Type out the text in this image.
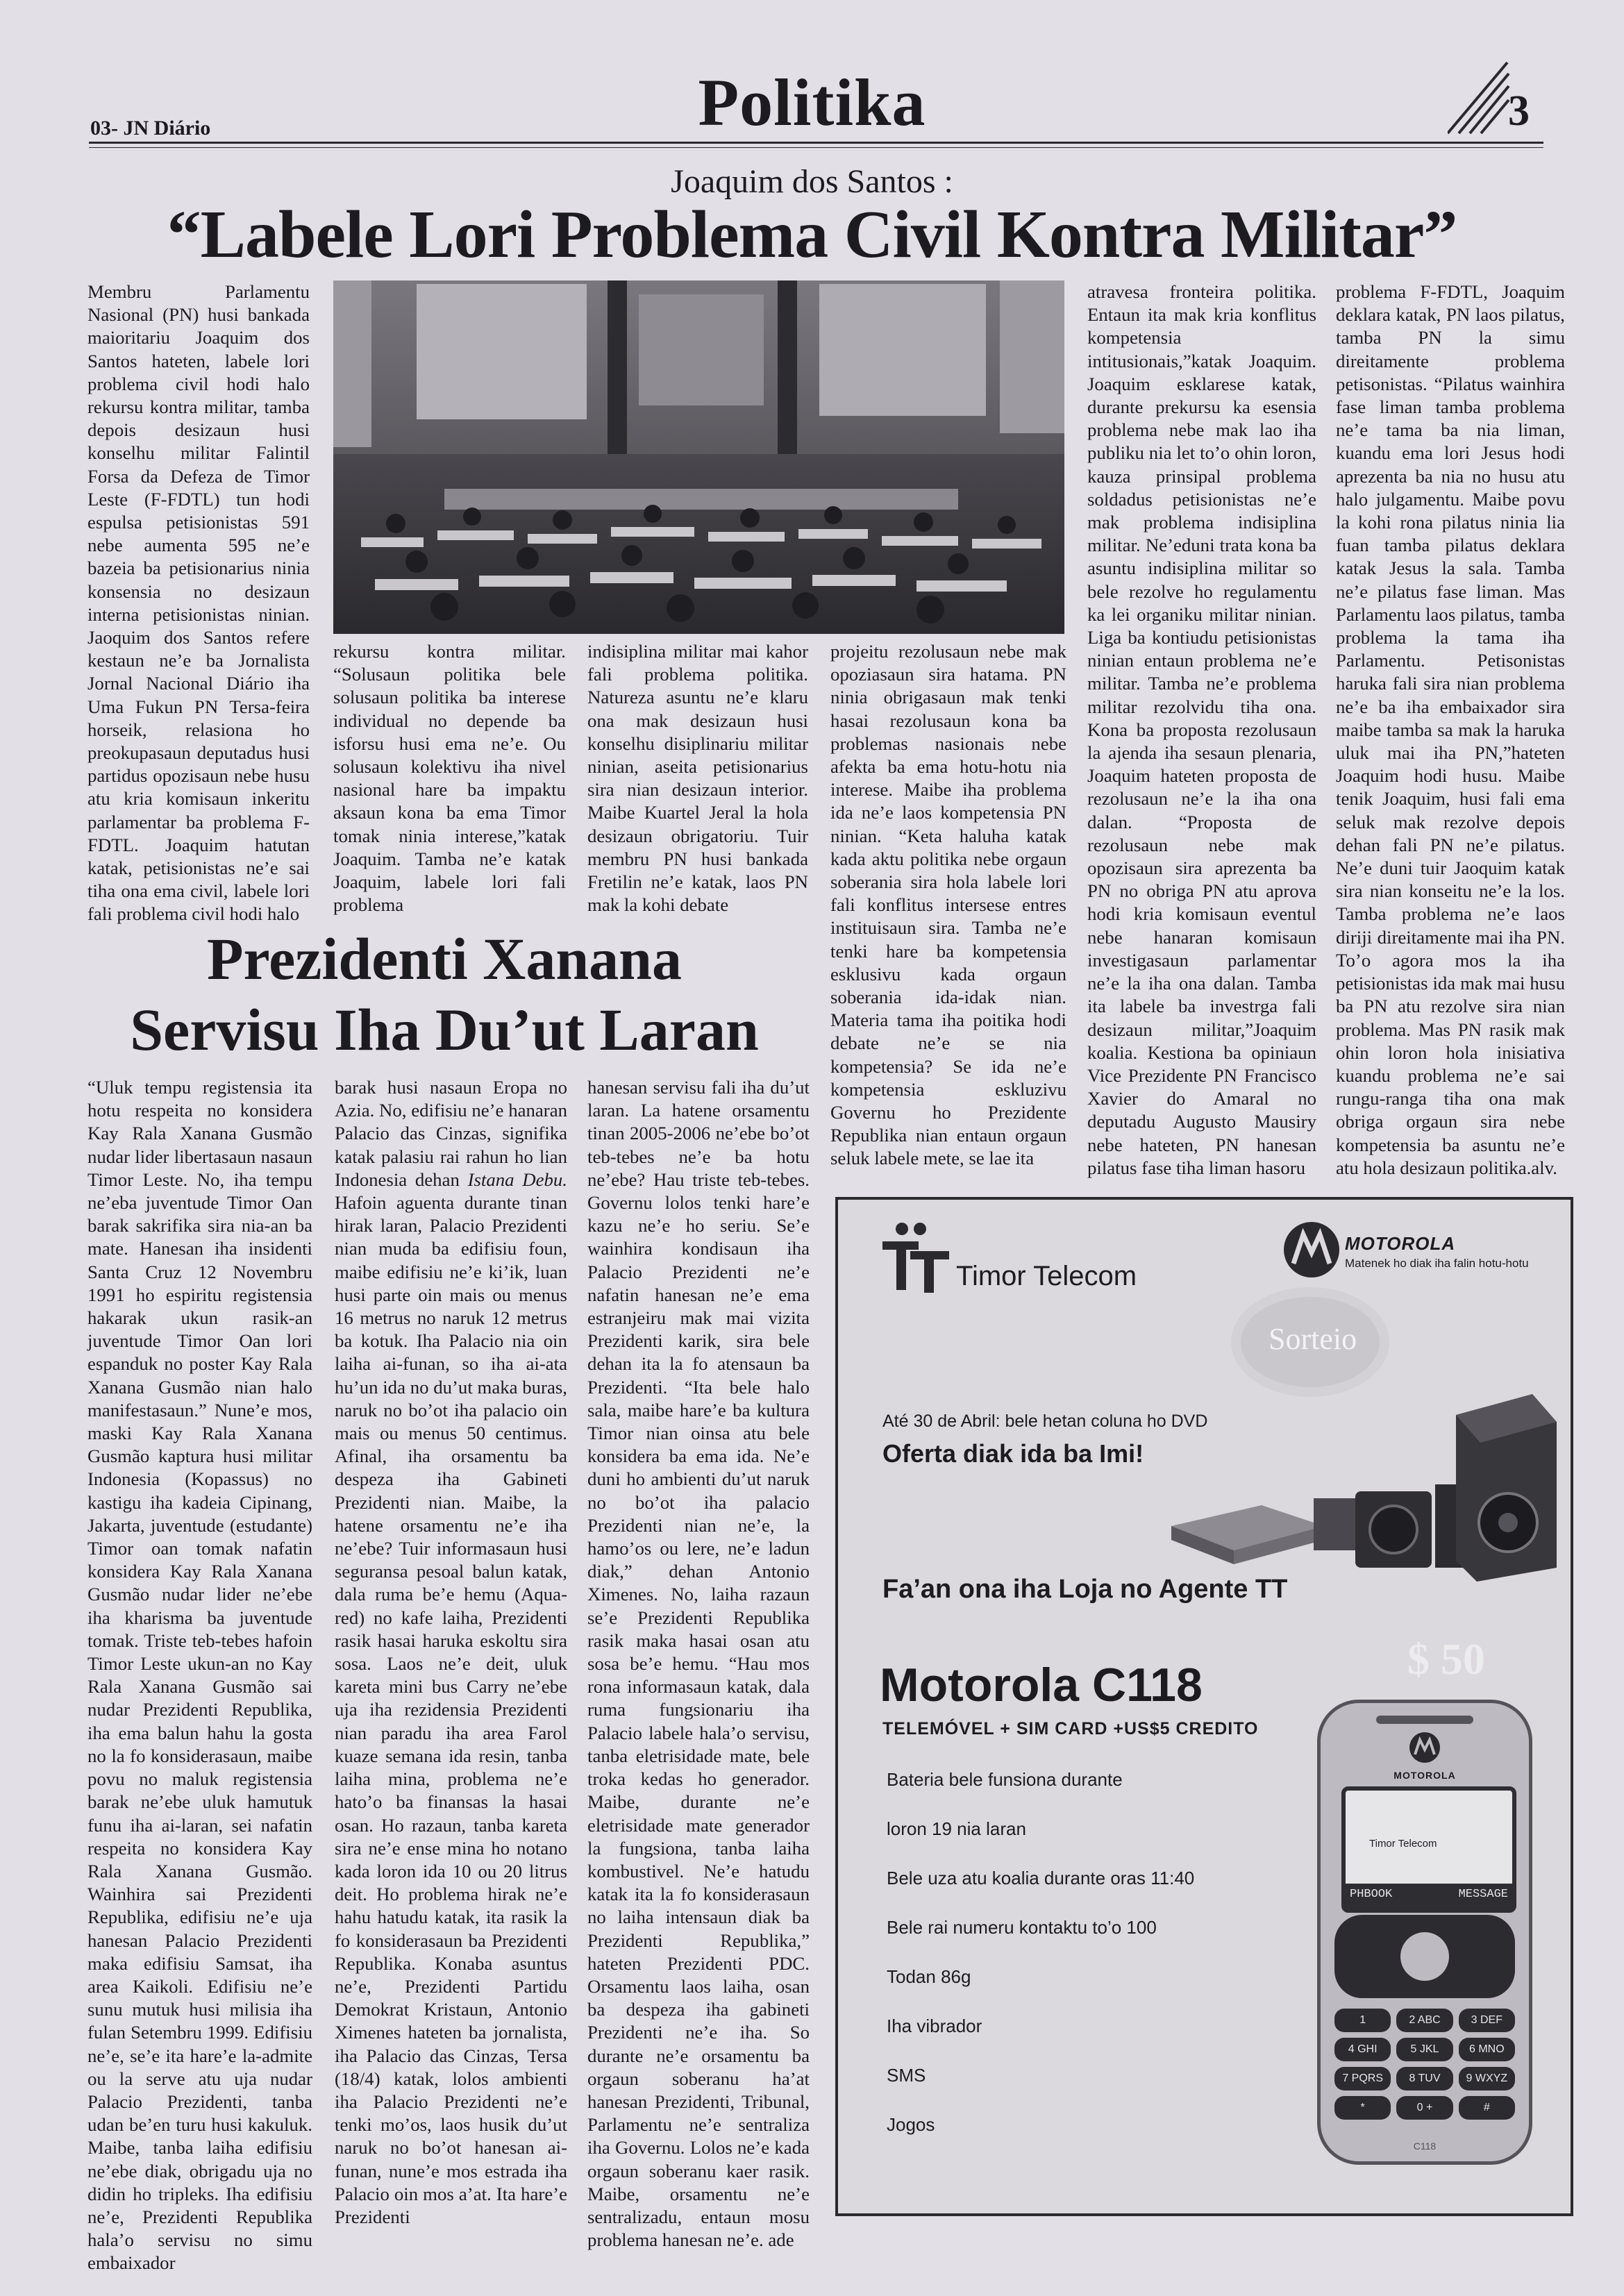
03- JN Diário	Politika	3
Joaquim dos Santos :
“Labele Lori Problema Civil Kontra Militar”

Membru Parlamentu Nasional (PN) husi bankada maioritariu Joaquim dos Santos hateten, labele lori problema civil hodi halo rekursu kontra militar, tamba depois desizaun husi konselhu militar Falintil Forsa da Defeza de Timor Leste (F-FDTL) tun hodi espulsa petisionistas 591 nebe aumenta 595 ne’e bazeia ba petisionarius ninia konsensia no desizaun interna petisionistas ninian. Jaoquim dos Santos refere kestaun ne’e ba Jornalista Jornal Nacional Diário iha Uma Fukun PN Tersa-feira horseik, relasiona ho preokupasaun deputadus husi partidus opozisaun nebe husu atu kria komisaun inkeritu parlamentar ba problema F-FDTL. Joaquim hatutan katak, petisionistas ne’e sai tiha ona ema civil, labele lori fali problema civil hodi halo

rekursu kontra militar. “Solusaun politika bele solusaun politika ba interese individual no depende ba isforsu husi ema ne’e. Ou solusaun kolektivu iha nivel nasional hare ba impaktu aksaun kona ba ema Timor tomak ninia interese,”katak Joaquim. Tamba ne’e katak Joaquim, labele lori fali problema

indisiplina militar mai kahor fali problema politika. Natureza asuntu ne’e klaru ona mak desizaun husi konselhu disiplinariu militar ninian, aseita petisionarius sira nian desizaun interior. Maibe Kuartel Jeral la hola desizaun obrigatoriu. Tuir membru PN husi bankada Fretilin ne’e katak, laos PN mak la kohi debate

projeitu rezolusaun nebe mak opoziasaun sira hatama. PN ninia obrigasaun mak tenki hasai rezolusaun kona ba problemas nasionais nebe afekta ba ema hotu-hotu nia interese. Maibe iha problema ida ne’e laos kompetensia PN ninian. “Keta haluha katak kada aktu politika nebe orgaun soberania sira hola labele lori fali konflitus intersese entres instituisaun sira. Tamba ne’e tenki hare ba kompetensia esklusivu kada orgaun soberania ida-idak nian. Materia tama iha poitika hodi debate ne’e se nia kompetensia? Se ida ne’e kompetensia eskluzivu Governu ho Prezidente Republika nian entaun orgaun seluk labele mete, se lae ita

atravesa fronteira politika. Entaun ita mak kria konflitus kompetensia intitusionais,”katak Joaquim. Joaquim esklarese katak, durante prekursu ka esensia problema nebe mak lao iha publiku nia let to’o ohin loron, kauza prinsipal problema soldadus petisionistas ne’e mak problema indisiplina militar. Ne’eduni trata kona ba asuntu indisiplina militar so bele rezolve ho regulamentu ka lei organiku militar ninian. Liga ba kontiudu petisionistas ninian entaun problema ne’e militar. Tamba ne’e problema militar rezolvidu tiha ona. Kona ba proposta rezolusaun la ajenda iha sesaun plenaria, Joaquim hateten proposta de rezolusaun ne’e la iha ona dalan. “Proposta de rezolusaun nebe mak opozisaun sira aprezenta ba PN no obriga PN atu aprova hodi kria komisaun eventul nebe hanaran komisaun investigasaun parlamentar ne’e la iha ona dalan. Tamba ita labele ba investrga fali desizaun militar,”Joaquim koalia. Kestiona ba opiniaun Vice Prezidente PN Francisco Xavier do Amaral no deputadu Augusto Mausiry nebe hateten, PN hanesan pilatus fase tiha liman hasoru

problema F-FDTL, Joaquim deklara katak, PN laos pilatus, tamba PN la simu direitamente problema petisonistas. “Pilatus wainhira fase liman tamba problema ne’e tama ba nia liman, kuandu ema lori Jesus hodi aprezenta ba nia no husu atu halo julgamentu. Maibe povu la kohi rona pilatus ninia lia fuan tamba pilatus deklara katak Jesus la sala. Tamba ne’e pilatus fase liman. Mas Parlamentu laos pilatus, tamba problema la tama iha Parlamentu. Petisonistas haruka fali sira nian problema ne’e ba iha embaixador sira maibe tamba sa mak la haruka uluk mai iha PN,”hateten Joaquim hodi husu. Maibe tenik Joaquim, husi fali ema seluk mak rezolve depois dehan fali PN ne’e pilatus. Ne’e duni tuir Jaoquim katak sira nian konseitu ne’e la los. Tamba problema ne’e laos diriji direitamente mai iha PN. To’o agora mos la iha petisionistas ida mak mai husu ba PN atu rezolve sira nian problema. Mas PN rasik mak ohin loron hola inisiativa kuandu problema ne’e sai rungu-ranga tiha ona mak obriga orgaun sira nebe kompetensia ba asuntu ne’e atu hola desizaun politika.alv.

Prezidenti Xanana
Servisu Iha Du’ut Laran

“Uluk tempu registensia ita hotu respeita no konsidera Kay Rala Xanana Gusmão nudar lider libertasaun nasaun Timor Leste. No, iha tempu ne’eba juventude Timor Oan barak sakrifika sira nia-an ba mate. Hanesan iha insidenti Santa Cruz 12 Novembru 1991 ho espiritu registensia hakarak ukun rasik-an juventude Timor Oan lori espanduk no poster Kay Rala Xanana Gusmão nian halo manifestasaun.” Nune’e mos, maski Kay Rala Xanana Gusmão kaptura husi militar Indonesia (Kopassus) no kastigu iha kadeia Cipinang, Jakarta, juventude (estudante) Timor oan tomak nafatin konsidera Kay Rala Xanana Gusmão nudar lider ne’ebe iha kharisma ba juventude tomak. Triste teb-tebes hafoin Timor Leste ukun-an no Kay Rala Xanana Gusmão sai nudar Prezidenti Republika, iha ema balun hahu la gosta no la fo konsiderasaun, maibe povu no maluk registensia barak ne’ebe uluk hamutuk funu iha ai-laran, sei nafatin respeita no konsidera Kay Rala Xanana Gusmão. Wainhira sai Prezidenti Republika, edifisiu ne’e uja hanesan Palacio Prezidenti maka edifisiu Samsat, iha area Kaikoli. Edifisiu ne’e sunu mutuk husi milisia iha fulan Setembru 1999. Edifisiu ne’e, se’e ita hare’e la-admite ou la serve atu uja nudar Palacio Prezidenti, tanba udan be’en turu husi kakuluk. Maibe, tanba laiha edifisiu ne’ebe diak, obrigadu uja no didin ho tripleks. Iha edifisiu ne’e, Prezidenti Republika hala’o servisu no simu embaixador

barak husi nasaun Eropa no Azia. No, edifisiu ne’e hanaran Palacio das Cinzas, signifika katak palasiu rai rahun ho lian Indonesia dehan Istana Debu. Hafoin aguenta durante tinan hirak laran, Palacio Prezidenti nian muda ba edifisiu foun, maibe edifisiu ne’e ki’ik, luan husi parte oin mais ou menus 16 metrus no naruk 12 metrus ba kotuk. Iha Palacio nia oin laiha ai-funan, so iha ai-ata hu’un ida no du’ut maka buras, naruk no bo’ot iha palacio oin mais ou menus 50 centimus. Afinal, iha orsamentu ba despeza iha Gabineti Prezidenti nian. Maibe, la hatene orsamentu ne’e iha ne’ebe? Tuir informasaun husi seguransa pesoal balun katak, dala ruma be’e hemu (Aqua-red) no kafe laiha, Prezidenti rasik hasai haruka eskoltu sira sosa. Laos ne’e deit, uluk kareta mini bus Carry ne’ebe uja iha rezidensia Prezidenti nian paradu iha area Farol kuaze semana ida resin, tanba laiha mina, problema ne’e hato’o ba finansas la hasai osan. Ho razaun, tanba kareta sira ne’e ense mina ho notano kada loron ida 10 ou 20 litrus deit. Ho problema hirak ne’e hahu hatudu katak, ita rasik la fo konsiderasaun ba Prezidenti Republika. Konaba asuntus ne’e, Prezidenti Partidu Demokrat Kristaun, Antonio Ximenes hateten ba jornalista, iha Palacio das Cinzas, Tersa (18/4) katak, lolos ambienti iha Palacio Prezidenti ne’e tenki mo’os, laos husik du’ut naruk no bo’ot hanesan ai-funan, nune’e mos estrada iha Palacio oin mos a’at. Ita hare’e Prezidenti

hanesan servisu fali iha du’ut laran. La hatene orsamentu tinan 2005-2006 ne’ebe bo’ot teb-tebes ne’e ba hotu ne’ebe? Hau triste teb-tebes. Governu lolos tenki hare’e kazu ne’e ho seriu. Se’e wainhira kondisaun iha Palacio Prezidenti ne’e nafatin hanesan ne’e ema estranjeiru mak mai vizita Prezidenti karik, sira bele dehan ita la fo atensaun ba Prezidenti. “Ita bele halo sala, maibe hare’e ba kultura Timor nian oinsa atu bele konsidera ba ema ida. Ne’e duni ho ambienti du’ut naruk no bo’ot iha palacio Prezidenti nian ne’e, la hamo’os ou lere, ne’e ladun diak,” dehan Antonio Ximenes. No, laiha razaun se’e Prezidenti Republika rasik maka hasai osan atu sosa be’e hemu. “Hau mos rona informasaun katak, dala ruma fungsionariu iha Palacio labele hala’o servisu, tanba eletrisidade mate, bele troka kedas ho generador. Maibe, durante ne’e eletrisidade mate generador la fungsiona, tanba laiha kombustivel. Ne’e hatudu katak ita la fo konsiderasaun no laiha intensaun diak ba Prezidenti Republika,” hateten Prezidenti PDC. Orsamentu laos laiha, osan ba despeza iha gabineti Prezidenti ne’e iha. So durante ne’e orsamentu ba orgaun soberanu ha’at hanesan Prezidenti, Tribunal, Parlamentu ne’e sentraliza iha Governu. Lolos ne’e kada orgaun soberanu kaer rasik. Maibe, orsamentu ne’e sentralizadu, entaun mosu problema hanesan ne’e. ade

Timor Telecom
MOTOROLA
Matenek ho diak iha falin hotu-hotu
Sorteio
Até 30 de Abril: bele hetan coluna ho DVD
Oferta diak ida ba Imi!
Fa’an ona iha Loja no Agente TT
$ 50
Motorola C118
TELEMÓVEL + SIM CARD +US$5 CREDITO
Bateria bele funsiona durante
loron 19 nia laran
Bele uza atu koalia durante oras 11:40
Bele rai numeru kontaktu to’o 100
Todan 86g
Iha vibrador
SMS
Jogos
MOTOROLA
Timor Telecom
PHBOOK	MESSAGE
1	2 ABC	3 DEF
4 GHI	5 JKL	6 MNO
7 PQRS	8 TUV	9 WXYZ
*	0 +	#
C118
